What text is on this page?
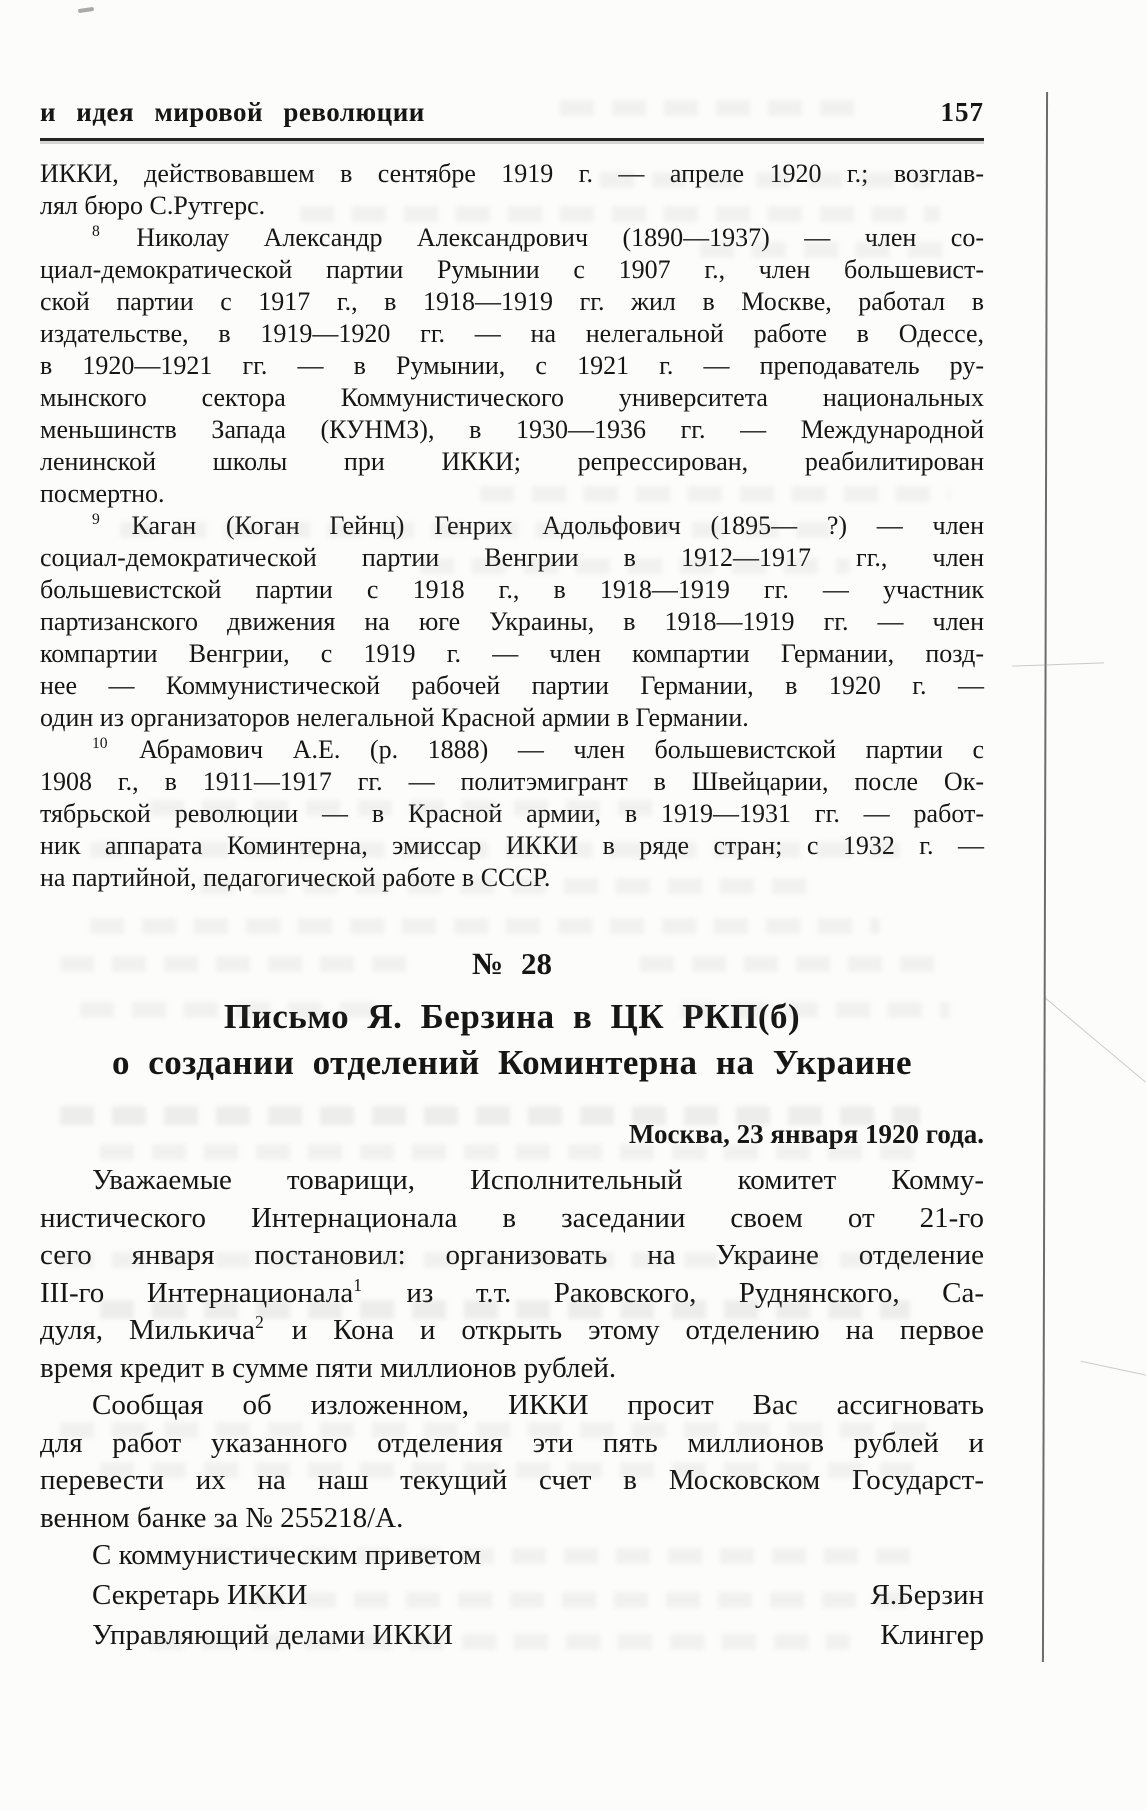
и идея мировой революции	157
ИККИ, действовавшем в сентябре 1919 г. — апреле 1920 г.; возглав-
лял бюро С.Рутгерс.
$^8$ Николау Александр Александрович (1890—1937) — член со-
циал-демократической партии Румынии с 1907 г., член большевист-
ской партии с 1917 г., в 1918—1919 гг. жил в Москве, работал в
издательстве, в 1919—1920 гг. — на нелегальной работе в Одессе,
в 1920—1921 гг. — в Румынии, с 1921 г. — преподаватель ру-
мынского сектора Коммунистического университета национальных
меньшинств Запада (КУНМЗ), в 1930—1936 гг. — Международной
ленинской школы при ИККИ; репрессирован, реабилитирован
посмертно.
$^9$ Каган (Коган Гейнц) Генрих Адольфович (1895— ?) — член
социал-демократической партии Венгрии в 1912—1917 гг., член
большевистской партии с 1918 г., в 1918—1919 гг. — участник
партизанского движения на юге Украины, в 1918—1919 гг. — член
компартии Венгрии, с 1919 г. — член компартии Германии, позд-
нее — Коммунистической рабочей партии Германии, в 1920 г. —
один из организаторов нелегальной Красной армии в Германии.
$^{10}$ Абрамович А.Е. (р. 1888) — член большевистской партии с
1908 г., в 1911—1917 гг. — политэмигрант в Швейцарии, после Ок-
тябрьской революции — в Красной армии, в 1919—1931 гг. — работ-
ник аппарата Коминтерна, эмиссар ИККИ в ряде стран; с 1932 г. —
на партийной, педагогической работе в СССР.
№ 28
Письмо Я. Берзина в ЦК РКП(б)
о создании отделений Коминтерна на Украине
Москва, 23 января 1920 года.
Уважаемые товарищи, Исполнительный комитет Комму-
нистического Интернационала в заседании своем от 21-го
сего января постановил: организовать на Украине отделение
III-го Интернационала$^1$ из т.т. Раковского, Руднянского, Са-
дуля, Милькича$^2$ и Кона и открыть этому отделению на первое
время кредит в сумме пяти миллионов рублей.
Сообщая об изложенном, ИККИ просит Вас ассигновать
для работ указанного отделения эти пять миллионов рублей и
перевести их на наш текущий счет в Московском Государст-
венном банке за № 255218/А.
С коммунистическим приветом
Секретарь ИККИ	Я.Берзин
Управляющий делами ИККИ	Клингер
